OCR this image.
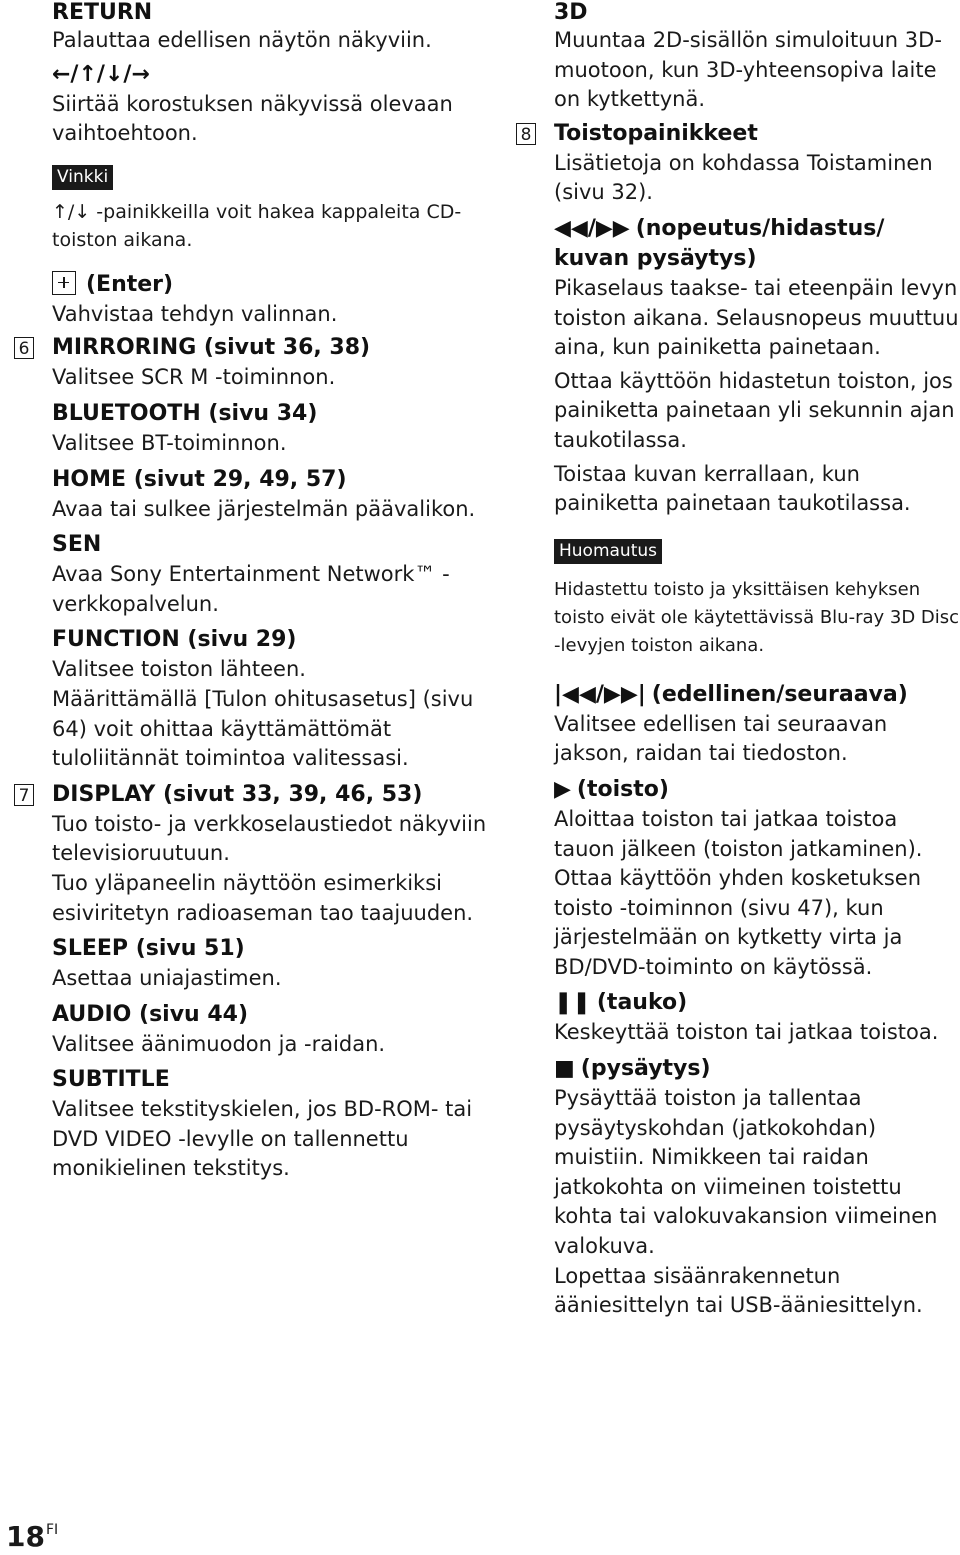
RETURN
Palauttaa edellisen näytön näkyviin.
←/↑/↓/→
Siirtää korostuksen näkyvissä olevaan vaihtoehtoon.
Vinkki
↑/↓ -painikkeilla voit hakea kappaleita CD-toiston aikana.
(Enter)
Vahvistaa tehdyn valinnan.
6 MIRRORING (sivut 36, 38)
Valitsee SCR M -toiminnon.
BLUETOOTH (sivu 34)
Valitsee BT-toiminnon.
HOME (sivut 29, 49, 57)
Avaa tai sulkee järjestelmän päävalikon.
SEN
Avaa Sony Entertainment Network™ -verkkopalvelun.
FUNCTION (sivu 29)
Valitsee toiston lähteen.
Määrittämällä [Tulon ohitusasetus] (sivu 64) voit ohittaa käyttämättömät tuloliitännät toimintoa valitessasi.
7 DISPLAY (sivut 33, 39, 46, 53)
Tuo toisto- ja verkkoselaustiedot näkyviin televisioruutuun.
Tuo yläpaneelin näyttöön esimerkiksi esiviritetyn radioaseman tao taajuuden.
SLEEP (sivu 51)
Asettaa uniajastimen.
AUDIO (sivu 44)
Valitsee äänimuodon ja -raidan.
SUBTITLE
Valitsee tekstityskielen, jos BD-ROM- tai DVD VIDEO -levylle on tallennettu monikielinen tekstitys.
3D
Muuntaa 2D-sisällön simuloituun 3D-muotoon, kun 3D-yhteensopiva laite on kytkettynä.
8 Toistopainikkeet
Lisätietoja on kohdassa Toistaminen (sivu 32).
◀◀/▶▶ (nopeutus/hidastus/ kuvan pysäytys)
Pikaselaus taakse- tai eteenpäin levyn toiston aikana. Selausnopeus muuttuu aina, kun painiketta painetaan.
Ottaa käyttöön hidastetun toiston, jos painiketta painetaan yli sekunnin ajan taukotilassa.
Toistaa kuvan kerrallaan, kun painiketta painetaan taukotilassa.
Huomautus
Hidastettu toisto ja yksittäisen kehyksen toisto eivät ole käytettävissä Blu-ray 3D Disc -levyjen toiston aikana.
|◀◀/▶▶| (edellinen/seuraava)
Valitsee edellisen tai seuraavan jakson, raidan tai tiedoston.
▶ (toisto)
Aloittaa toiston tai jatkaa toistoa tauon jälkeen (toiston jatkaminen).
Ottaa käyttöön yhden kosketuksen toisto -toiminnon (sivu 47), kun järjestelmään on kytketty virta ja BD/DVD-toiminto on käytössä.
❚❚ (tauko)
Keskeyttää toiston tai jatkaa toistoa.
■ (pysäytys)
Pysäyttää toiston ja tallentaa pysäytyskohdan (jatkokohdan) muistiin. Nimikkeen tai raidan jatkokohta on viimeinen toistettu kohta tai valokuvakansion viimeinen valokuva.
Lopettaa sisäänrakennetun ääniesittelyn tai USB-ääniesittelyn.
$18^{FI}$
